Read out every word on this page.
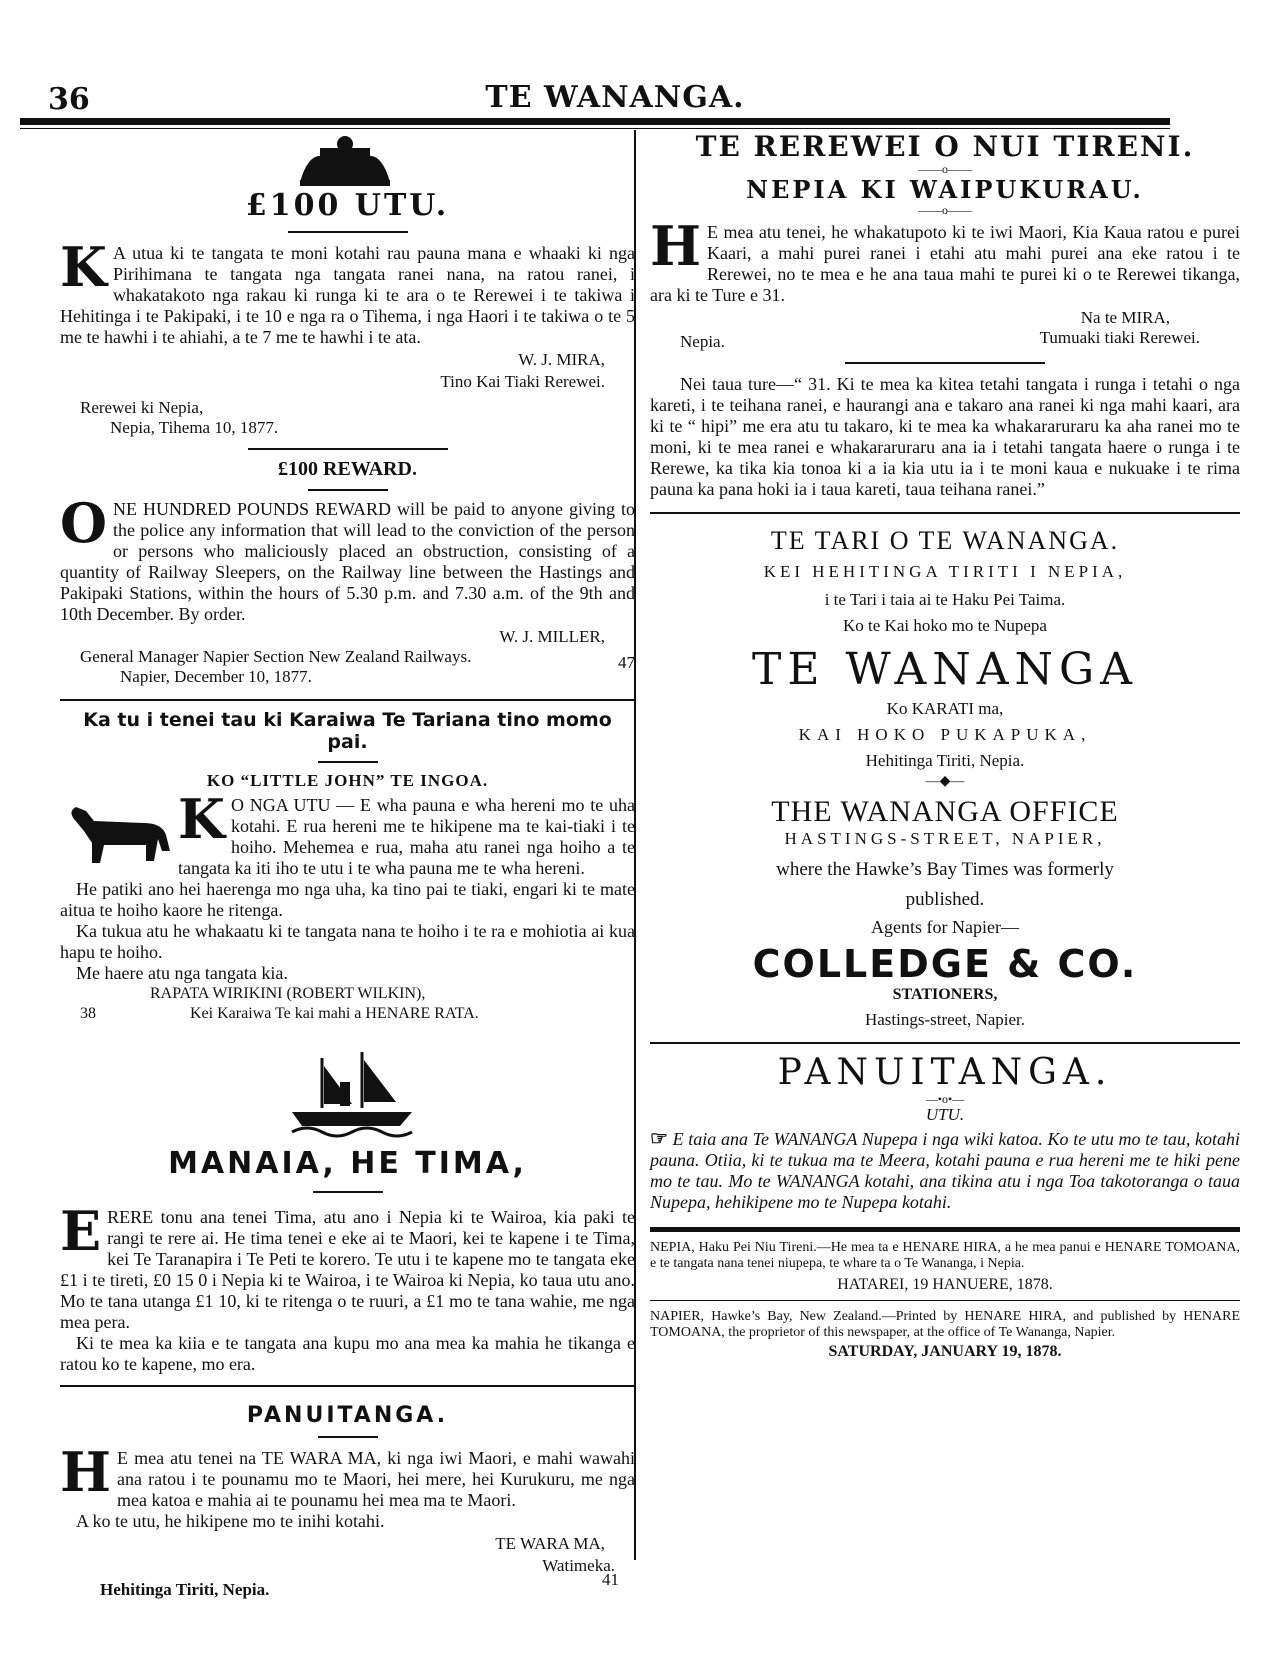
36	TE WANANGA.
£100 UTU.

K A utua ki te tangata te moni kotahi rau pauna mana e whaaki ki nga Pirihimana te tangata nga tangata ranei nana, na ratou ranei, i whakatakoto nga rakau ki runga ki te ara o te Rerewei i te takiwa i Hehitinga i te Pakipaki, i te 10 e nga ra o Tihema, i nga Haori i te takiwa o te 5 me te hawhi i te ahiahi, a te 7 me te hawhi i te ata.

W. J. MIRA,
Tino Kai Tiaki Rerewei.
Rerewei ki Nepia,
Nepia, Tihema 10, 1877.
£100 REWARD.

ONE HUNDRED POUNDS REWARD will be paid to anyone giving to the police any information that will lead to the conviction of the person or persons who maliciously placed an obstruction, consisting of a quantity of Railway Sleepers, on the Railway line between the Hastings and Pakipaki Stations, within the hours of 5.30 p.m. and 7.30 a.m. of the 9th and 10th December. By order.

W. J. MILLER,
General Manager Napier Section New Zealand Railways.	47
Napier, December 10, 1877.
Ka tu i tenei tau ki Karaiwa Te Tariana tino momo pai.
KO “LITTLE JOHN” TE INGOA.

K O NGA UTU — E wha pauna e wha hereni mo te uha kotahi. E rua hereni me te hikipene ma te kai-tiaki i te hoiho. Mehemea e rua, maha atu ranei nga hoiho a te tangata ka iti iho te utu i te wha pauna me te wha hereni.

He patiki ano hei haerenga mo nga uha, ka tino pai te tiaki, engari ki te mate aitua te hoiho kaore he ritenga.

Ka tukua atu he whakaatu ki te tangata nana te hoiho i te ra e mohiotia ai kua hapu te hoiho.

Me haere atu nga tangata kia.

RAPATA WIRIKINI (ROBERT WILKIN),
Kei Karaiwa Te kai mahi a HENARE RATA.
38
MANAIA, HE TIMA,

ERERE tonu ana tenei Tima, atu ano i Nepia ki te Wairoa, kia paki te rangi te rere ai. He tima tenei e eke ai te Maori, kei te kapene i te Tima, kei Te Taranapira i Te Peti te korero. Te utu i te kapene mo te tangata eke £1 i te tireti, £0 15 0 i Nepia ki te Wairoa, i te Wairoa ki Nepia, ko taua utu ano. Mo te tana utanga £1 10, ki te ritenga o te ruuri, a £1 mo te tana wahie, me nga mea pera.

Ki te mea ka kiia e te tangata ana kupu mo ana mea ka mahia he tikanga e ratou ko te kapene, mo era.

PANUITANGA.

H E mea atu tenei na TE WARA MA, ki nga iwi Maori, e mahi wawahi ana ratou i te pounamu mo te Maori, hei mere, hei Kurukuru, me nga mea katoa e mahia ai te pounamu hei mea ma te Maori.

A ko te utu, he hikipene mo te inihi kotahi.

TE WARA MA,
Watimeka.
Hehitinga Tiriti, Nepia.
41
TE REREWEI O NUI TIRENI.
——o——
NEPIA KI WAIPUKURAU.
——o——

H E mea atu tenei, he whakatupoto ki te iwi Maori, Kia Kaua ratou e purei Kaari, a mahi purei ranei i etahi atu mahi purei ana eke ratou i te Rerewei, no te mea e he ana taua mahi te purei ki o te Rerewei tikanga, ara ki te Ture e 31.

Na te MIRA,
Nepia.	Tumuaki tiaki Rerewei.

Nei taua ture—“ 31. Ki te mea ka kitea tetahi tangata i runga i tetahi o nga kareti, i te teihana ranei, e haurangi ana e takaro ana ranei ki nga mahi kaari, ara ki te “ hipi” me era atu tu takaro, ki te mea ka whakararuraru ka aha ranei mo te moni, ki te mea ranei e whakararuraru ana ia i tetahi tangata haere o runga i te Rerewe, ka tika kia tonoa ki a ia kia utu ia i te moni kaua e nukuake i te rima pauna ka pana hoki ia i taua kareti, taua teihana ranei.”

TE TARI O TE WANANGA.
KEI HEHITINGA TIRITI I NEPIA,
i te Tari i taia ai te Haku Pei Taima.
Ko te Kai hoko mo te Nupepa
TE WANANGA
Ko KARATI ma,
KAI HOKO PUKAPUKA,
Hehitinga Tiriti, Nepia.
—◆—
THE WANANGA OFFICE
HASTINGS-STREET, NAPIER,
where the Hawke’s Bay Times was formerly
published.
Agents for Napier—
COLLEDGE & CO.
STATIONERS,
Hastings-street, Napier.
PANUITANGA.
—•o•—
UTU.

☞ E taia ana Te WANANGA Nupepa i nga wiki katoa. Ko te utu mo te tau, kotahi pauna. Otiia, ki te tukua ma te Meera, kotahi pauna e rua hereni me te hiki pene mo te tau. Mo te WANANGA kotahi, ana tikina atu i nga Toa takotoranga o taua Nupepa, hehikipene mo te Nupepa kotahi.

NEPIA, Haku Pei Niu Tireni.—He mea ta e HENARE HIRA, a he mea panui e HENARE TOMOANA, e te tangata nana tenei niupepa, te whare ta o Te Wananga, i Nepia.

HATAREI, 19 HANUERE, 1878.

NAPIER, Hawke’s Bay, New Zealand.—Printed by HENARE HIRA, and published by HENARE TOMOANA, the proprietor of this newspaper, at the office of Te Wananga, Napier.

SATURDAY, JANUARY 19, 1878.
